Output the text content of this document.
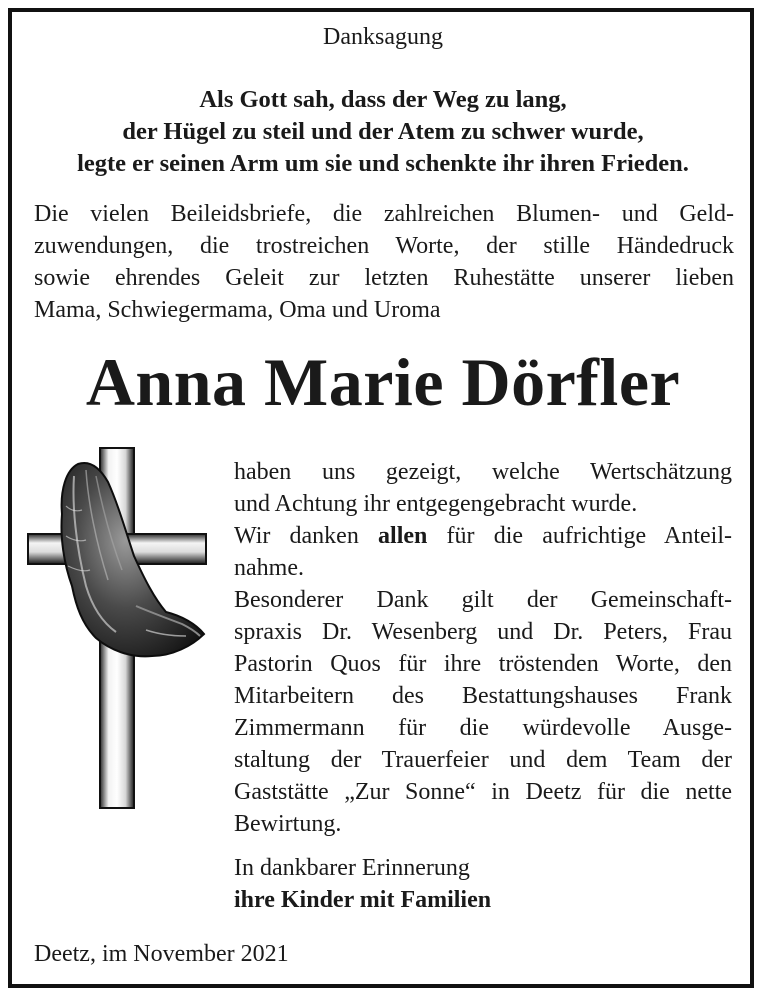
Danksagung
Als Gott sah, dass der Weg zu lang,
der Hügel zu steil und der Atem zu schwer wurde,
legte er seinen Arm um sie und schenkte ihr ihren Frieden.
Die vielen Beileidsbriefe, die zahlreichen Blumen- und Geld-
zuwendungen, die trostreichen Worte, der stille Händedruck
sowie ehrendes Geleit zur letzten Ruhestätte unserer lieben
Mama, Schwiegermama, Oma und Uroma
Anna Marie Dörfler
haben uns gezeigt, welche Wertschätzung
und Achtung ihr entgegengebracht wurde.
Wir danken allen für die aufrichtige Anteil-
nahme.
Besonderer Dank gilt der Gemeinschaft-
spraxis Dr. Wesenberg und Dr. Peters, Frau
Pastorin Quos für ihre tröstenden Worte, den
Mitarbeitern des Bestattungshauses Frank
Zimmermann für die würdevolle Ausge-
staltung der Trauerfeier und dem Team der
Gaststätte „Zur Sonne“ in Deetz für die nette
Bewirtung.
In dankbarer Erinnerung
ihre Kinder mit Familien
Deetz, im November 2021
